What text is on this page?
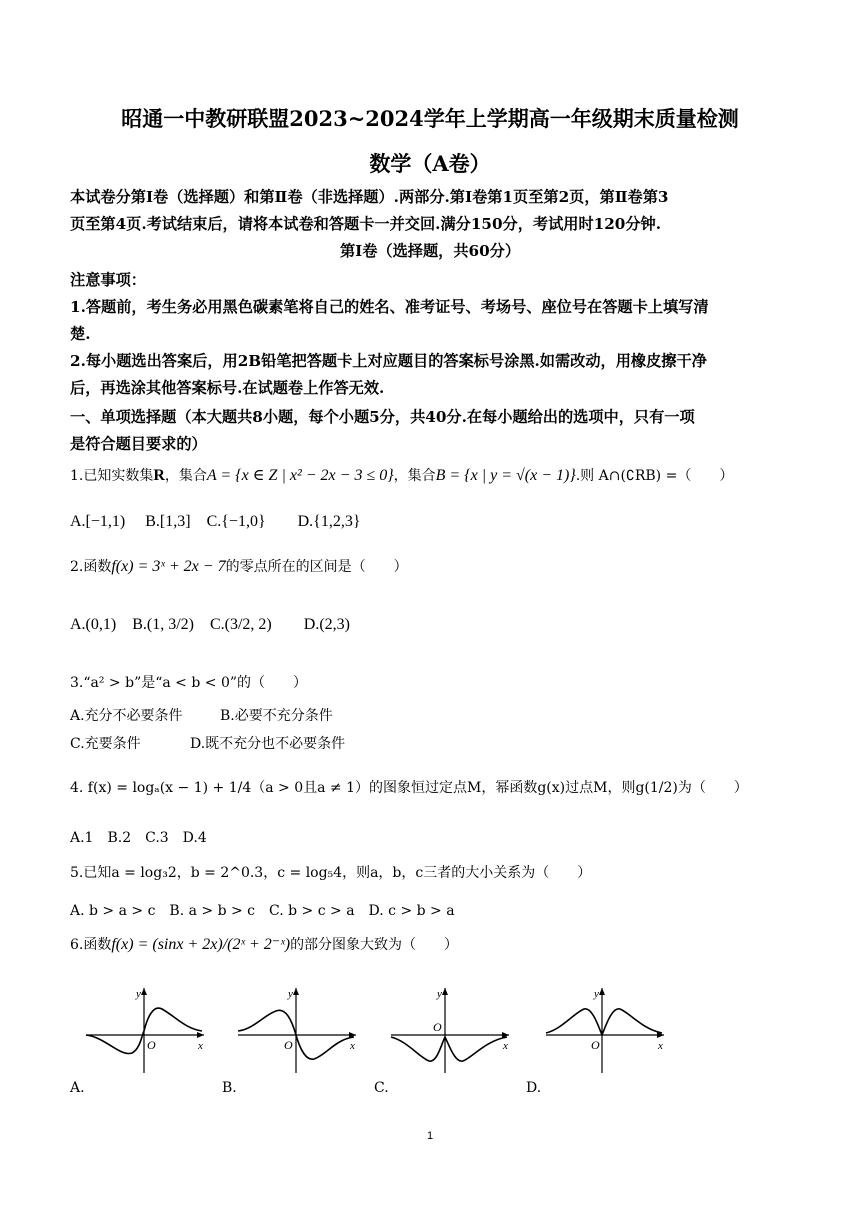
昭通一中教研联盟2023~2024学年上学期高一年级期末质量检测
数学（A卷）
本试卷分第Ⅰ卷（选择题）和第Ⅱ卷（非选择题）.两部分.第Ⅰ卷第1页至第2页，第Ⅱ卷第3
页至第4页.考试结束后，请将本试卷和答题卡一并交回.满分150分，考试用时120分钟.
第Ⅰ卷（选择题，共60分）
注意事项：
1.答题前，考生务必用黑色碳素笔将自己的姓名、准考证号、考场号、座位号在答题卡上填写清
楚.
2.每小题选出答案后，用2B铅笔把答题卡上对应题目的答案标号涂黑.如需改动，用橡皮擦干净
后，再选涂其他答案标号.在试题卷上作答无效.
一、单项选择题（本大题共8小题，每个小题5分，共40分.在每小题给出的选项中，只有一项
是符合题目要求的）
1.已知实数集R，集合A = {x ∈ Z | x² − 2x − 3 ≤ 0}，集合B = {x | y = √(x − 1)}.则 A∩(∁RB) =（　　）
A.[−1,1)　 B.[1,3]　C.{−1,0}　　D.{1,2,3}
2.函数f(x) = 3ˣ + 2x − 7的零点所在的区间是（　　）
A.(0,1)　B.(1, 3/2)　C.(3/2, 2)　　D.(2,3)
3.“a² > b”是“a < b < 0”的（　　）
A.充分不必要条件	B.必要不充分条件
C.充要条件	D.既不充分也不必要条件
4. f(x) = logₐ(x − 1) + 1/4（a > 0且a ≠ 1）的图象恒过定点M，幂函数g(x)过点M，则g(1/2)为（　　）
A.1　B.2　C.3　D.4
5.已知a = log₃2，b = 2^0.3，c = log₅4，则a，b，c三者的大小关系为（　　）
A. b > a > c　B. a > b > c　C. b > c > a　D. c > b > a
6.函数f(x) = (sinx + 2x)/(2ˣ + 2⁻ˣ)的部分图象大致为（　　）
y
x
O
A.
y
x
O
B.
y
x
O
C.
y
x
O
D.
1
